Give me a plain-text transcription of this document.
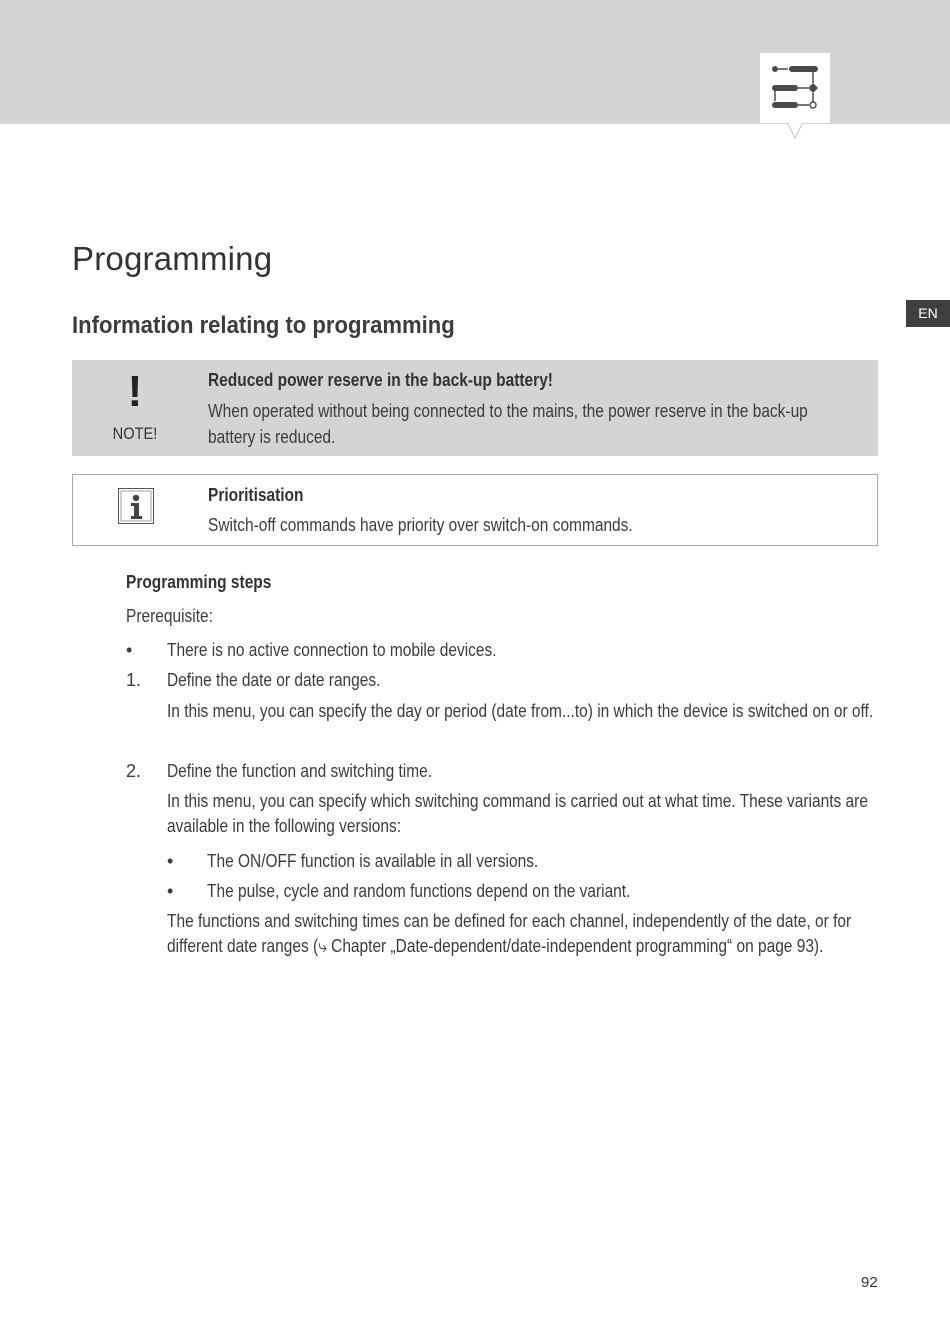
Programming
Information relating to programming	EN
!
NOTE!
Reduced power reserve in the back-up battery!
When operated without being connected to the mains, the power reserve in the back-up battery is reduced.
Prioritisation
Switch-off commands have priority over switch-on commands.
Programming steps
Prerequisite:
• There is no active connection to mobile devices.
1. Define the date or date ranges.
In this menu, you can specify the day or period (date from...to) in which the device is switched on or off.
2. Define the function and switching time.
In this menu, you can specify which switching command is carried out at what time. These variants are available in the following versions:
• The ON/OFF function is available in all versions.
• The pulse, cycle and random functions depend on the variant.
The functions and switching times can be defined for each channel, independently of the date, or for different date ranges (⤷ Chapter „Date-dependent/date-independent programming“ on page 93).
92
